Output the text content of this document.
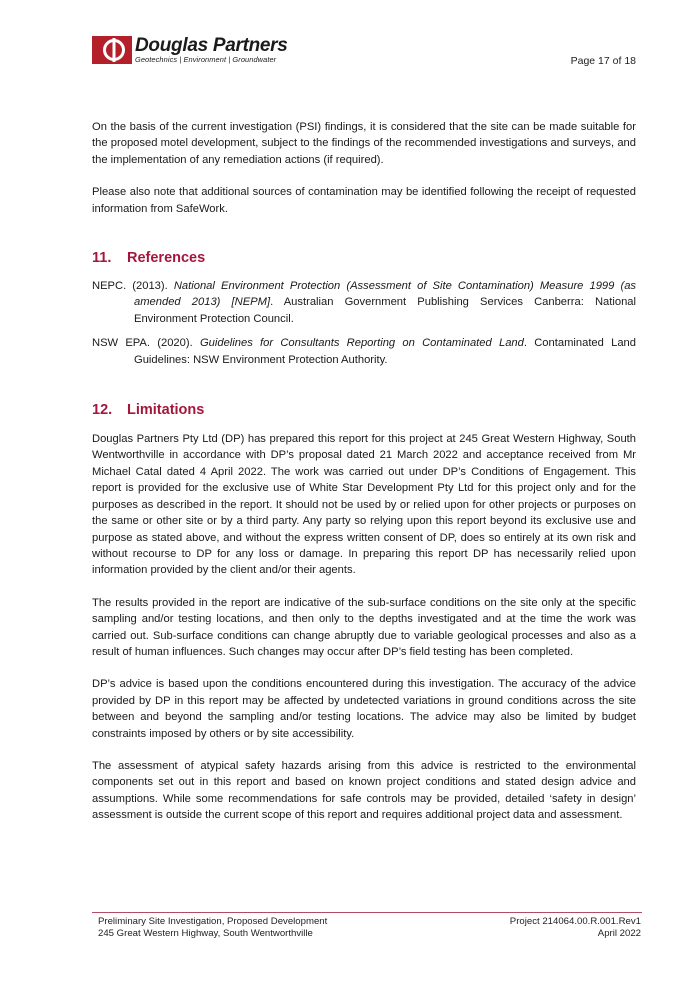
Douglas Partners
Geotechnics | Environment | Groundwater	Page 17 of 18

On the basis of the current investigation (PSI) findings, it is considered that the site can be made suitable for the proposed motel development, subject to the findings of the recommended investigations and surveys, and the implementation of any remediation actions (if required).

Please also note that additional sources of contamination may be identified following the receipt of requested information from SafeWork.

11.	References

NEPC. (2013). National Environment Protection (Assessment of Site Contamination) Measure 1999 (as amended 2013) [NEPM]. Australian Government Publishing Services Canberra: National Environment Protection Council.

NSW EPA. (2020). Guidelines for Consultants Reporting on Contaminated Land. Contaminated Land Guidelines: NSW Environment Protection Authority.

12.	Limitations

Douglas Partners Pty Ltd (DP) has prepared this report for this project at 245 Great Western Highway, South Wentworthville in accordance with DP’s proposal dated 21 March 2022 and acceptance received from Mr Michael Catal dated 4 April 2022. The work was carried out under DP’s Conditions of Engagement. This report is provided for the exclusive use of White Star Development Pty Ltd for this project only and for the purposes as described in the report. It should not be used by or relied upon for other projects or purposes on the same or other site or by a third party. Any party so relying upon this report beyond its exclusive use and purpose as stated above, and without the express written consent of DP, does so entirely at its own risk and without recourse to DP for any loss or damage. In preparing this report DP has necessarily relied upon information provided by the client and/or their agents.

The results provided in the report are indicative of the sub-surface conditions on the site only at the specific sampling and/or testing locations, and then only to the depths investigated and at the time the work was carried out. Sub-surface conditions can change abruptly due to variable geological processes and also as a result of human influences. Such changes may occur after DP’s field testing has been completed.

DP’s advice is based upon the conditions encountered during this investigation. The accuracy of the advice provided by DP in this report may be affected by undetected variations in ground conditions across the site between and beyond the sampling and/or testing locations. The advice may also be limited by budget constraints imposed by others or by site accessibility.

The assessment of atypical safety hazards arising from this advice is restricted to the environmental components set out in this report and based on known project conditions and stated design advice and assumptions. While some recommendations for safe controls may be provided, detailed ‘safety in design’ assessment is outside the current scope of this report and requires additional project data and assessment.

Preliminary Site Investigation, Proposed Development
245 Great Western Highway, South Wentworthville
Project 214064.00.R.001.Rev1
April 2022
